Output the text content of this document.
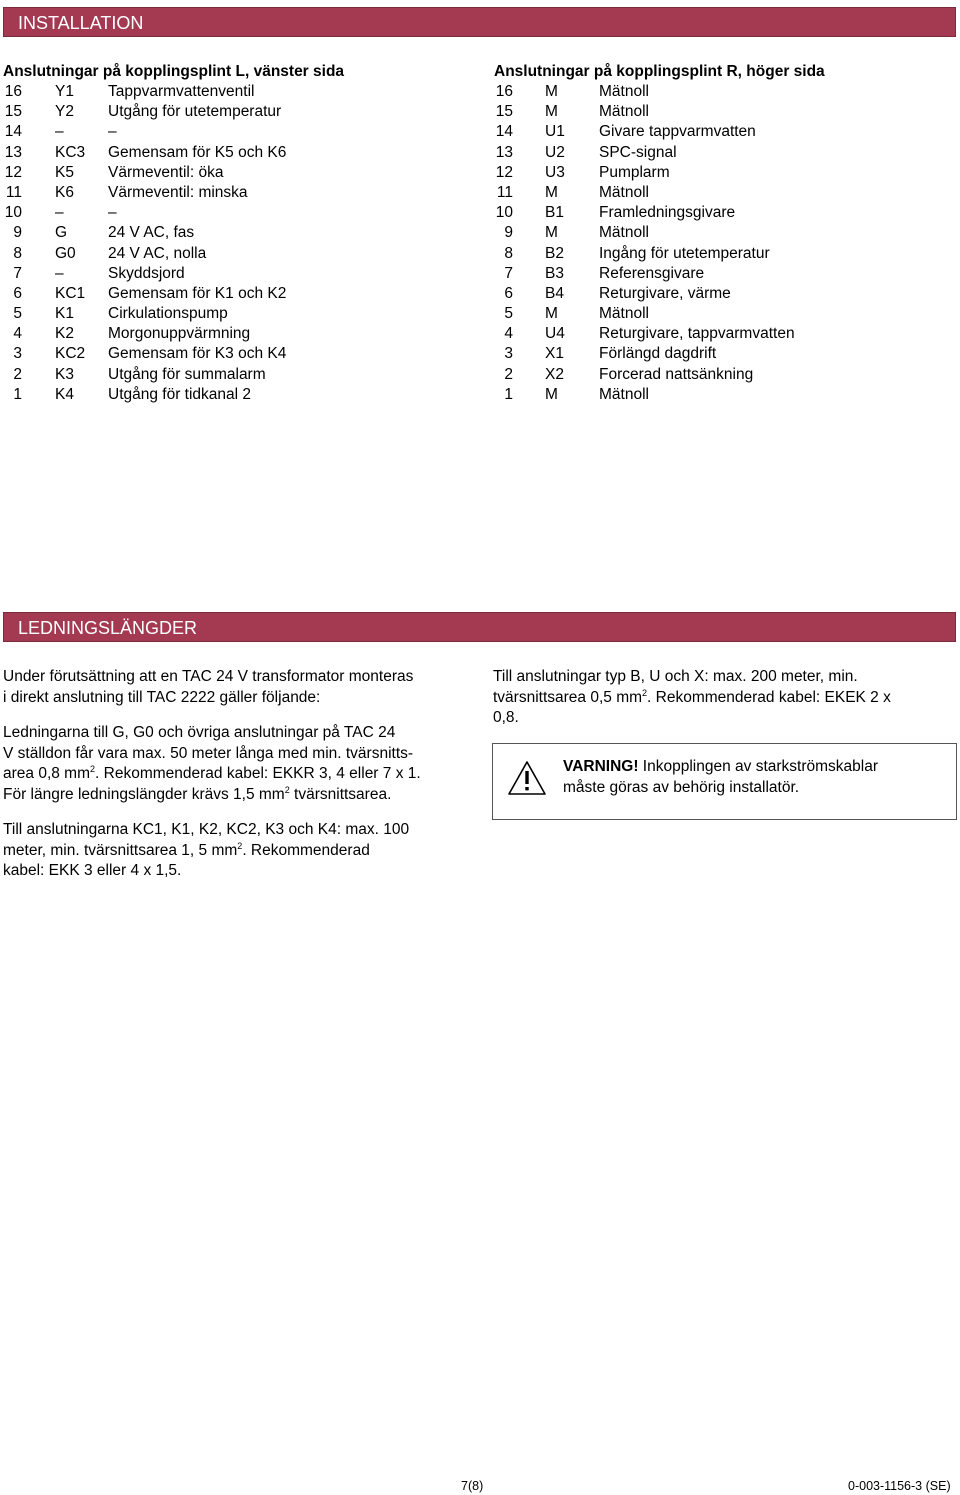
INSTALLATION
Anslutningar på kopplingsplint L, vänster sida
16 Y1 Tappvarmvattenventil
15 Y2 Utgång för utetemperatur
14 –	–
13 KC3 Gemensam för K5 och K6
12 K5 Värmeventil: öka
11 K6 Värmeventil: minska
10 –	–
9 G	24 V AC, fas
8 G0 24 V AC, nolla
7 –	Skyddsjord
6 KC1 Gemensam för K1 och K2
5 K1 Cirkulationspump
4 K2 Morgonuppvärmning
3 KC2 Gemensam för K3 och K4
2 K3 Utgång för summalarm
1 K4 Utgång för tidkanal 2
Anslutningar på kopplingsplint R, höger sida
16 M	Mätnoll
15 M	Mätnoll
14 U1 Givare tappvarmvatten
13 U2 SPC-signal
12 U3 Pumplarm
11 M	Mätnoll
10 B1 Framledningsgivare
9 M	Mätnoll
8 B2 Ingång för utetemperatur
7 B3 Referensgivare
6 B4 Returgivare, värme
5 M	Mätnoll
4 U4 Returgivare, tappvarmvatten
3 X1 Förlängd dagdrift
2 X2 Forcerad nattsänkning
1 M	Mätnoll
LEDNINGSLÄNGDER

Under förutsättning att en TAC 24 V transformator monteras
i direkt anslutning till TAC 2222 gäller följande:

Ledningarna till G, G0 och övriga anslutningar på TAC 24
V ställdon får vara max. 50 meter långa med min. tvärsnitts-
area 0,8 $mm^2$. Rekommenderad kabel: EKKR 3, 4 eller 7 x 1.
För längre ledningslängder krävs 1,5 $mm^2$ tvärsnittsarea.

Till anslutningarna KC1, K1, K2, KC2, K3 och K4: max. 100
meter, min. tvärsnittsarea 1, 5 $mm^2$. Rekommenderad
kabel: EKK 3 eller 4 x 1,5.

Till anslutningar typ B, U och X: max. 200 meter, min.
tvärsnittsarea 0,5 $mm^2$. Rekommenderad kabel: EKEK 2 x
0,8.

VARNING! Inkopplingen av starkströmskablar
måste göras av behörig installatör.
7(8)	0-003-1156-3 (SE)
